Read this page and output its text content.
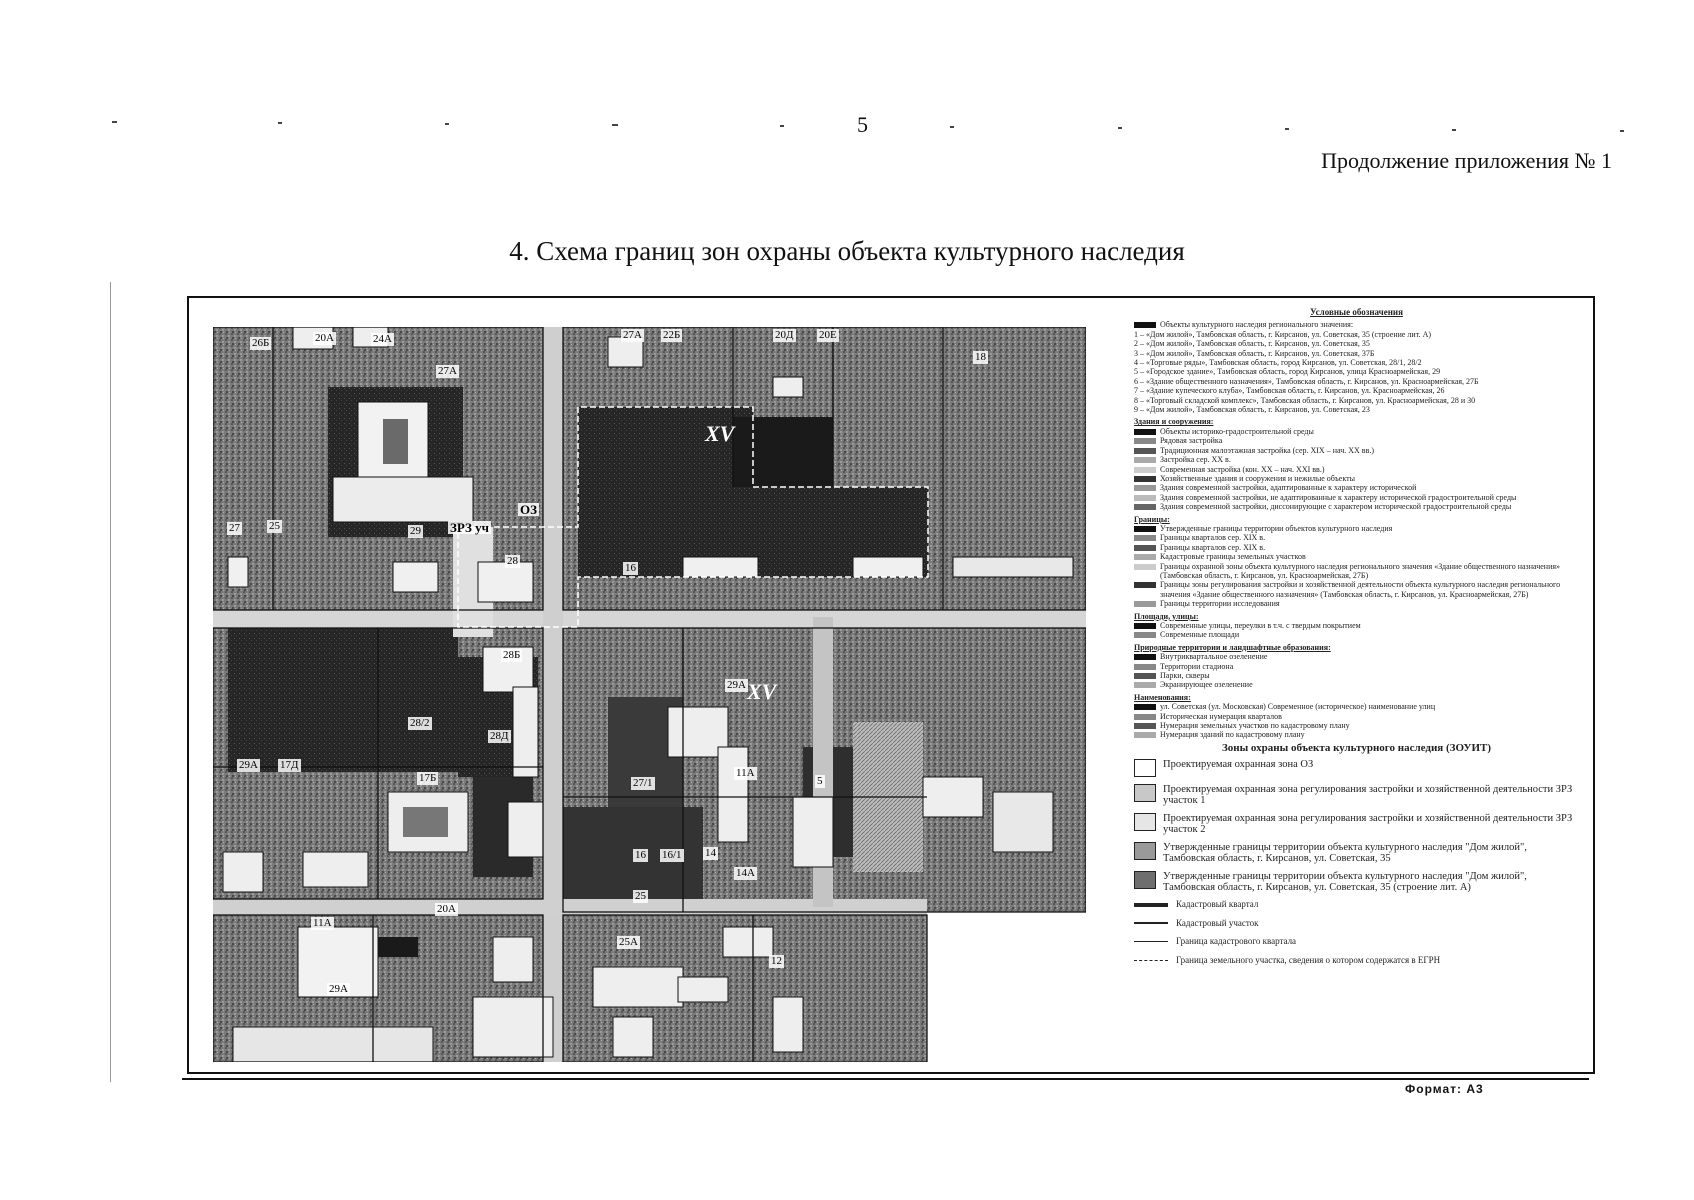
5
Продолжение приложения № 1
4. Схема границ зон охраны объекта культурного наследия
26Б	20А	24А	27А 22Б	20Д 20Е
18
27А
XV
27	25	29 ЗРЗ уч
ОЗ
28
16
28Б
29А XV
28/2
28Д
29А 17Д
17Б	27/1
11А
5
16 16/1 14
14А
25
11А
20А
25А
29А
12
Условные обозначения
Объекты культурного наследия регионального значения:
1 – «Дом жилой», Тамбовская область, г. Кирсанов, ул. Советская, 35 (строение лит. А)
2 – «Дом жилой», Тамбовская область, г. Кирсанов, ул. Советская, 35
3 – «Дом жилой», Тамбовская область, г. Кирсанов, ул. Советская, 37Б
4 – «Торговые ряды», Тамбовская область, город Кирсанов, ул. Советская, 28/1, 28/2
5 – «Городское здание», Тамбовская область, город Кирсанов, улица Красноармейская, 29
6 – «Здание общественного назначения», Тамбовская область, г. Кирсанов, ул. Красноармейская, 27Б
7 – «Здание купеческого клуба», Тамбовская область, г. Кирсанов, ул. Красноармейская, 26
8 – «Торговый складской комплекс», Тамбовская область, г. Кирсанов, ул. Красноармейская, 28 и 30
9 – «Дом жилой», Тамбовская область, г. Кирсанов, ул. Советская, 23
Здания и сооружения:
Объекты историко-градостроительной среды
Рядовая застройка
Традиционная малоэтажная застройка (сер. XIX – нач. XX вв.)
Застройка сер. XX в.
Современная застройка (кон. XX – нач. XXI вв.)
Хозяйственные здания и сооружения и нежилые объекты
Здания современной застройки, адаптированные к характеру исторической
Здания современной застройки, не адаптированные к характеру исторической градостроительной среды
Здания современной застройки, диссонирующие с характером исторической градостроительной среды
Границы:
Утвержденные границы территории объектов культурного наследия
Границы кварталов сер. XIX в.
Границы кварталов сер. XIX в.
Кадастровые границы земельных участков
Границы охранной зоны объекта культурного наследия регионального значения «Здание общественного назначения» (Тамбовская область, г. Кирсанов, ул. Красноармейская, 27Б)
Границы зоны регулирования застройки и хозяйственной деятельности объекта культурного наследия регионального значения «Здание общественного назначения» (Тамбовская область, г. Кирсанов, ул. Красноармейская, 27Б)
Границы территории исследования
Площади, улицы:
Современные улицы, переулки в т.ч. с твердым покрытием
Современные площади
Природные территории и ландшафтные образования:
Внутриквартальное озеленение
Территории стадиона
Парки, скверы
Экранирующее озеленение
Наименования:
ул. Советская (ул. Московская) Современное (историческое) наименование улиц
Историческая нумерация кварталов
Нумерация земельных участков по кадастровому плану
Нумерация зданий по кадастровому плану
Зоны охраны объекта культурного наследия (ЗОУИТ)
Проектируемая охранная зона ОЗ
Проектируемая охранная зона регулирования застройки и хозяйственной деятельности ЗРЗ участок 1
Проектируемая охранная зона регулирования застройки и хозяйственной деятельности ЗРЗ участок 2
Утвержденные границы территории объекта культурного наследия "Дом жилой", Тамбовская область, г. Кирсанов, ул. Советская, 35
Утвержденные границы территории объекта культурного наследия "Дом жилой", Тамбовская область, г. Кирсанов, ул. Советская, 35 (строение лит. А)
Кадастровый квартал
Кадастровый участок
Граница кадастрового квартала
Граница земельного участка, сведения о котором содержатся в ЕГРН
Формат: А3
